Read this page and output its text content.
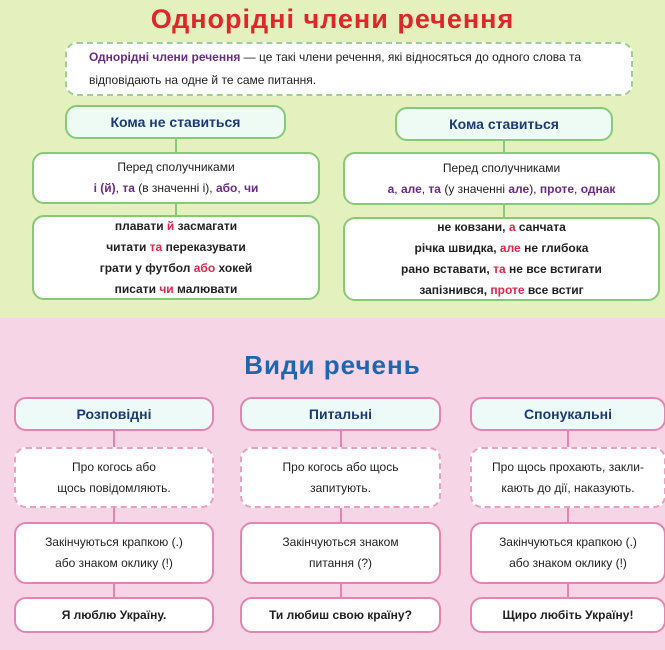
Однорідні члени речення
Однорідні члени речення — це такі члени речення, які відносяться до одного слова та відповідають на одне й те саме питання.
Кома не ставиться	Кома ставиться
Перед сполучниками
і (й), та (в значенні і), або, чи
Перед сполучниками
а, але, та (у значенні але), проте, однак
плавати й засмагати
читати та переказувати
грати у футбол або хокей
писати чи малювати
не ковзани, а санчата
річка швидка, але не глибока
рано вставати, та не все встигати
запізнився, проте все встиг
Види речень
Розповідні
Про когось або
щось повідомляють.
Закінчуються крапкою (.)
або знаком оклику (!)
Я люблю Україну.
Питальні
Про когось або щось
запитують.
Закінчуються знаком
питання (?)
Ти любиш свою країну?
Спонукальні
Про щось прохають, закли-
кають до дії, наказують.
Закінчуються крапкою (.)
або знаком оклику (!)
Щиро любіть Україну!
